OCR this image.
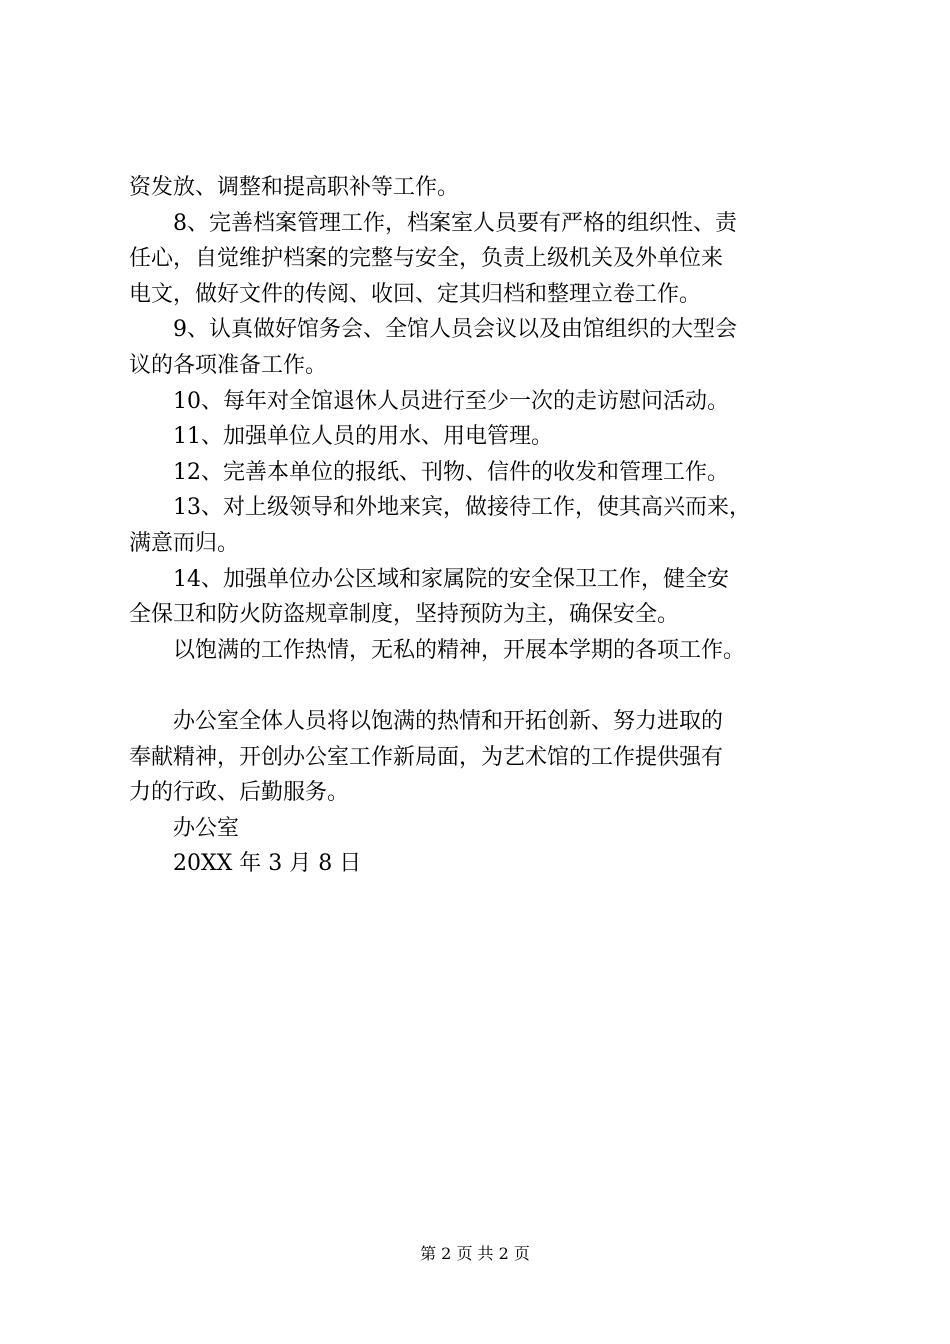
资发放、调整和提高职补等工作。
8、完善档案管理工作，档案室人员要有严格的组织性、责
任心，自觉维护档案的完整与安全，负责上级机关及外单位来
电文，做好文件的传阅、收回、定其归档和整理立卷工作。
9、认真做好馆务会、全馆人员会议以及由馆组织的大型会
议的各项准备工作。
10、每年对全馆退休人员进行至少一次的走访慰问活动。
11、加强单位人员的用水、用电管理。
12、完善本单位的报纸、刊物、信件的收发和管理工作。
13、对上级领导和外地来宾，做接待工作，使其高兴而来，
满意而归。
14、加强单位办公区域和家属院的安全保卫工作，健全安
全保卫和防火防盗规章制度，坚持预防为主，确保安全。
以饱满的工作热情，无私的精神，开展本学期的各项工作。
办公室全体人员将以饱满的热情和开拓创新、努力进取的
奉献精神，开创办公室工作新局面，为艺术馆的工作提供强有
力的行政、后勤服务。
办公室
20XX 年 3 月 8 日
第 2 页 共 2 页
